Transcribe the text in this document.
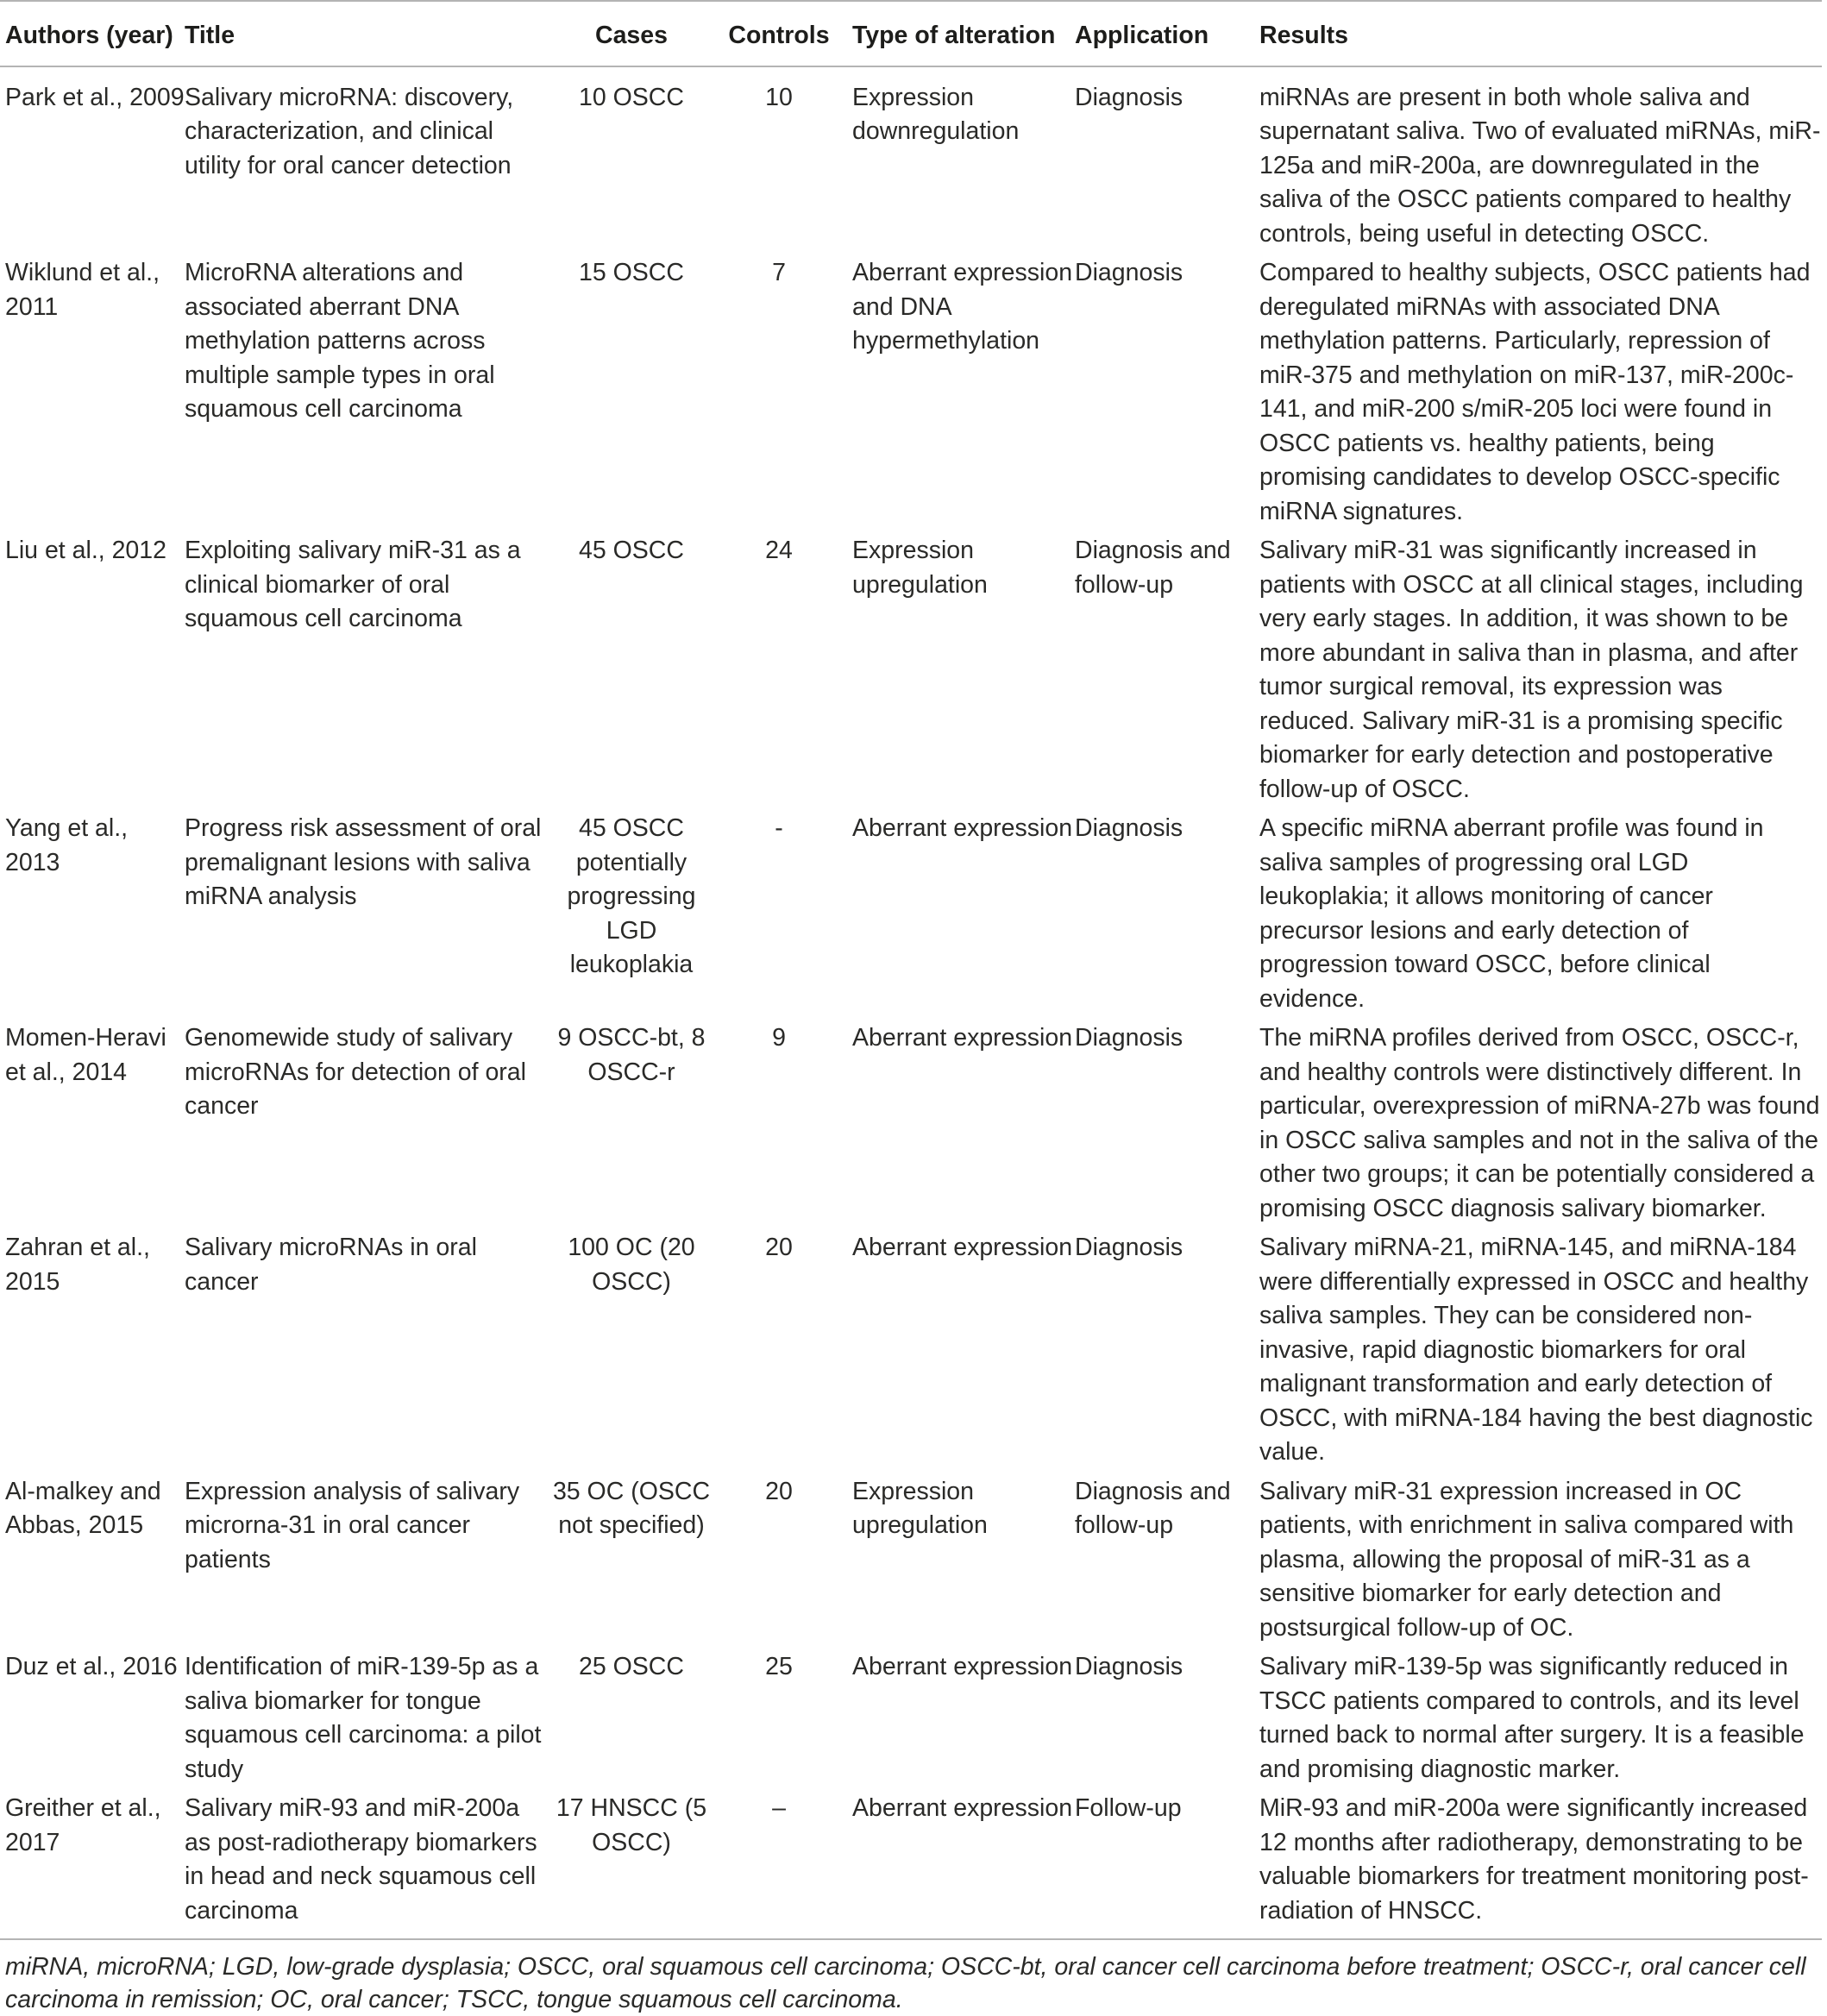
Authors (year)	Title	Cases	Controls	Type of alteration	Application	Results
Park et al., 2009	Salivary microRNA: discovery, characterization, and clinical utility for oral cancer detection	10 OSCC	10	Expression downregulation	Diagnosis	miRNAs are present in both whole saliva and supernatant saliva. Two of evaluated miRNAs, miR-125a and miR-200a, are downregulated in the saliva of the OSCC patients compared to healthy controls, being useful in detecting OSCC.
Wiklund et al., 2011	MicroRNA alterations and associated aberrant DNA methylation patterns across multiple sample types in oral squamous cell carcinoma	15 OSCC	7	Aberrant expression and DNA hypermethylation	Diagnosis	Compared to healthy subjects, OSCC patients had deregulated miRNAs with associated DNA methylation patterns. Particularly, repression of miR-375 and methylation on miR-137, miR-200c-141, and miR-200 s/miR-205 loci were found in OSCC patients vs. healthy patients, being promising candidates to develop OSCC-specific miRNA signatures.
Liu et al., 2012	Exploiting salivary miR-31 as a clinical biomarker of oral squamous cell carcinoma	45 OSCC	24	Expression upregulation	Diagnosis and follow-up	Salivary miR-31 was significantly increased in patients with OSCC at all clinical stages, including very early stages. In addition, it was shown to be more abundant in saliva than in plasma, and after tumor surgical removal, its expression was reduced. Salivary miR-31 is a promising specific biomarker for early detection and postoperative follow-up of OSCC.
Yang et al., 2013	Progress risk assessment of oral premalignant lesions with saliva miRNA analysis	45 OSCC potentially progressing LGD leukoplakia	-	Aberrant expression	Diagnosis	A specific miRNA aberrant profile was found in saliva samples of progressing oral LGD leukoplakia; it allows monitoring of cancer precursor lesions and early detection of progression toward OSCC, before clinical evidence.
Momen-Heravi et al., 2014	Genomewide study of salivary microRNAs for detection of oral cancer	9 OSCC-bt, 8 OSCC-r	9	Aberrant expression	Diagnosis	The miRNA profiles derived from OSCC, OSCC-r, and healthy controls were distinctively different. In particular, overexpression of miRNA-27b was found in OSCC saliva samples and not in the saliva of the other two groups; it can be potentially considered a promising OSCC diagnosis salivary biomarker.
Zahran et al., 2015	Salivary microRNAs in oral cancer	100 OC (20 OSCC)	20	Aberrant expression	Diagnosis	Salivary miRNA-21, miRNA-145, and miRNA-184 were differentially expressed in OSCC and healthy saliva samples. They can be considered non-invasive, rapid diagnostic biomarkers for oral malignant transformation and early detection of OSCC, with miRNA-184 having the best diagnostic value.
Al-malkey and Abbas, 2015	Expression analysis of salivary microrna-31 in oral cancer patients	35 OC (OSCC not specified)	20	Expression upregulation	Diagnosis and follow-up	Salivary miR-31 expression increased in OC patients, with enrichment in saliva compared with plasma, allowing the proposal of miR-31 as a sensitive biomarker for early detection and postsurgical follow-up of OC.
Duz et al., 2016	Identification of miR-139-5p as a saliva biomarker for tongue squamous cell carcinoma: a pilot study	25 OSCC	25	Aberrant expression	Diagnosis	Salivary miR-139-5p was significantly reduced in TSCC patients compared to controls, and its level turned back to normal after surgery. It is a feasible and promising diagnostic marker.
Greither et al., 2017	Salivary miR-93 and miR-200a as post-radiotherapy biomarkers in head and neck squamous cell carcinoma	17 HNSCC (5 OSCC)	–	Aberrant expression	Follow-up	MiR-93 and miR-200a were significantly increased 12 months after radiotherapy, demonstrating to be valuable biomarkers for treatment monitoring post-radiation of HNSCC.
miRNA, microRNA; LGD, low-grade dysplasia; OSCC, oral squamous cell carcinoma; OSCC-bt, oral cancer cell carcinoma before treatment; OSCC-r, oral cancer cell carcinoma in remission; OC, oral cancer; TSCC, tongue squamous cell carcinoma.
